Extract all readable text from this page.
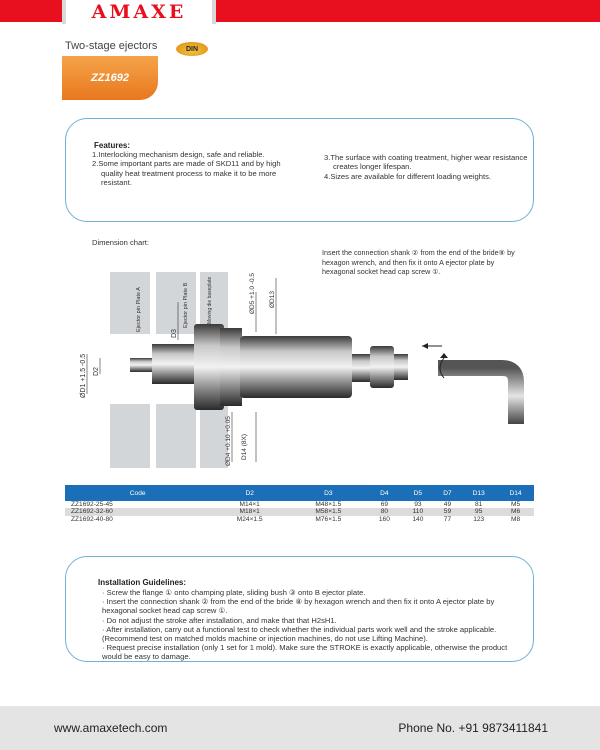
AMAXE
Two-stage ejectors	DIN
ZZ1692
Features:

1.Interlocking mechanism design, safe and reliable.

2.Some important parts are made of SKD11 and by high quality heat treatment process to make it to be more resistant.

3.The surface with coating treatment, higher wear resistance creates longer lifespan.

4.Sizes are available for different loading weights.

Dimension chart:
Insert the connection shank ② from the end of the bride⑧ by hexagon wrench, and then fix it onto A ejector plate by hexagonal socket head cap screw ①.
Ejector pin Plate A	Ejector pin Plate B	Moving die baseplate
ØD1 +1.5 -0.5 D2
D3
ØD5 +1.0 -0.5 ØD13
ØD4 +0.10 +0.05 D14 (8X)
Code	D2	D3	D4	D5	D7	D13	D14
ZZ1692-25-45	M14×1	M48×1.5	69	93	49	81	M5
ZZ1692-32-60	M18×1	M58×1.5	80	110	59	95	M6
ZZ1692-40-80	M24×1.5	M76×1.5	160	140	77	123	M8
Installation Guidelines:

· Screw the flange ① onto champing plate, sliding bush ③ onto B ejector plate.

· Insert the connection shank ② from the end of the bride ⑧ by hexagon wrench and then fix it onto A ejector plate by hexagonal socket head cap screw ①.

· Do not adjust the stroke after installation, and make that that H2sH1.

· After installation, carry out a functional test to check whether the individual parts work well and the stroke applicable. (Recommend test on matched molds machine or injection machines, do not use Lifting Machine).

· Request precise installation (only 1 set for 1 mold). Make sure the STROKE is exactly applicable, otherwise the product would be easy to damage.

www.amaxetech.com	Phone No. +91 9873411841
